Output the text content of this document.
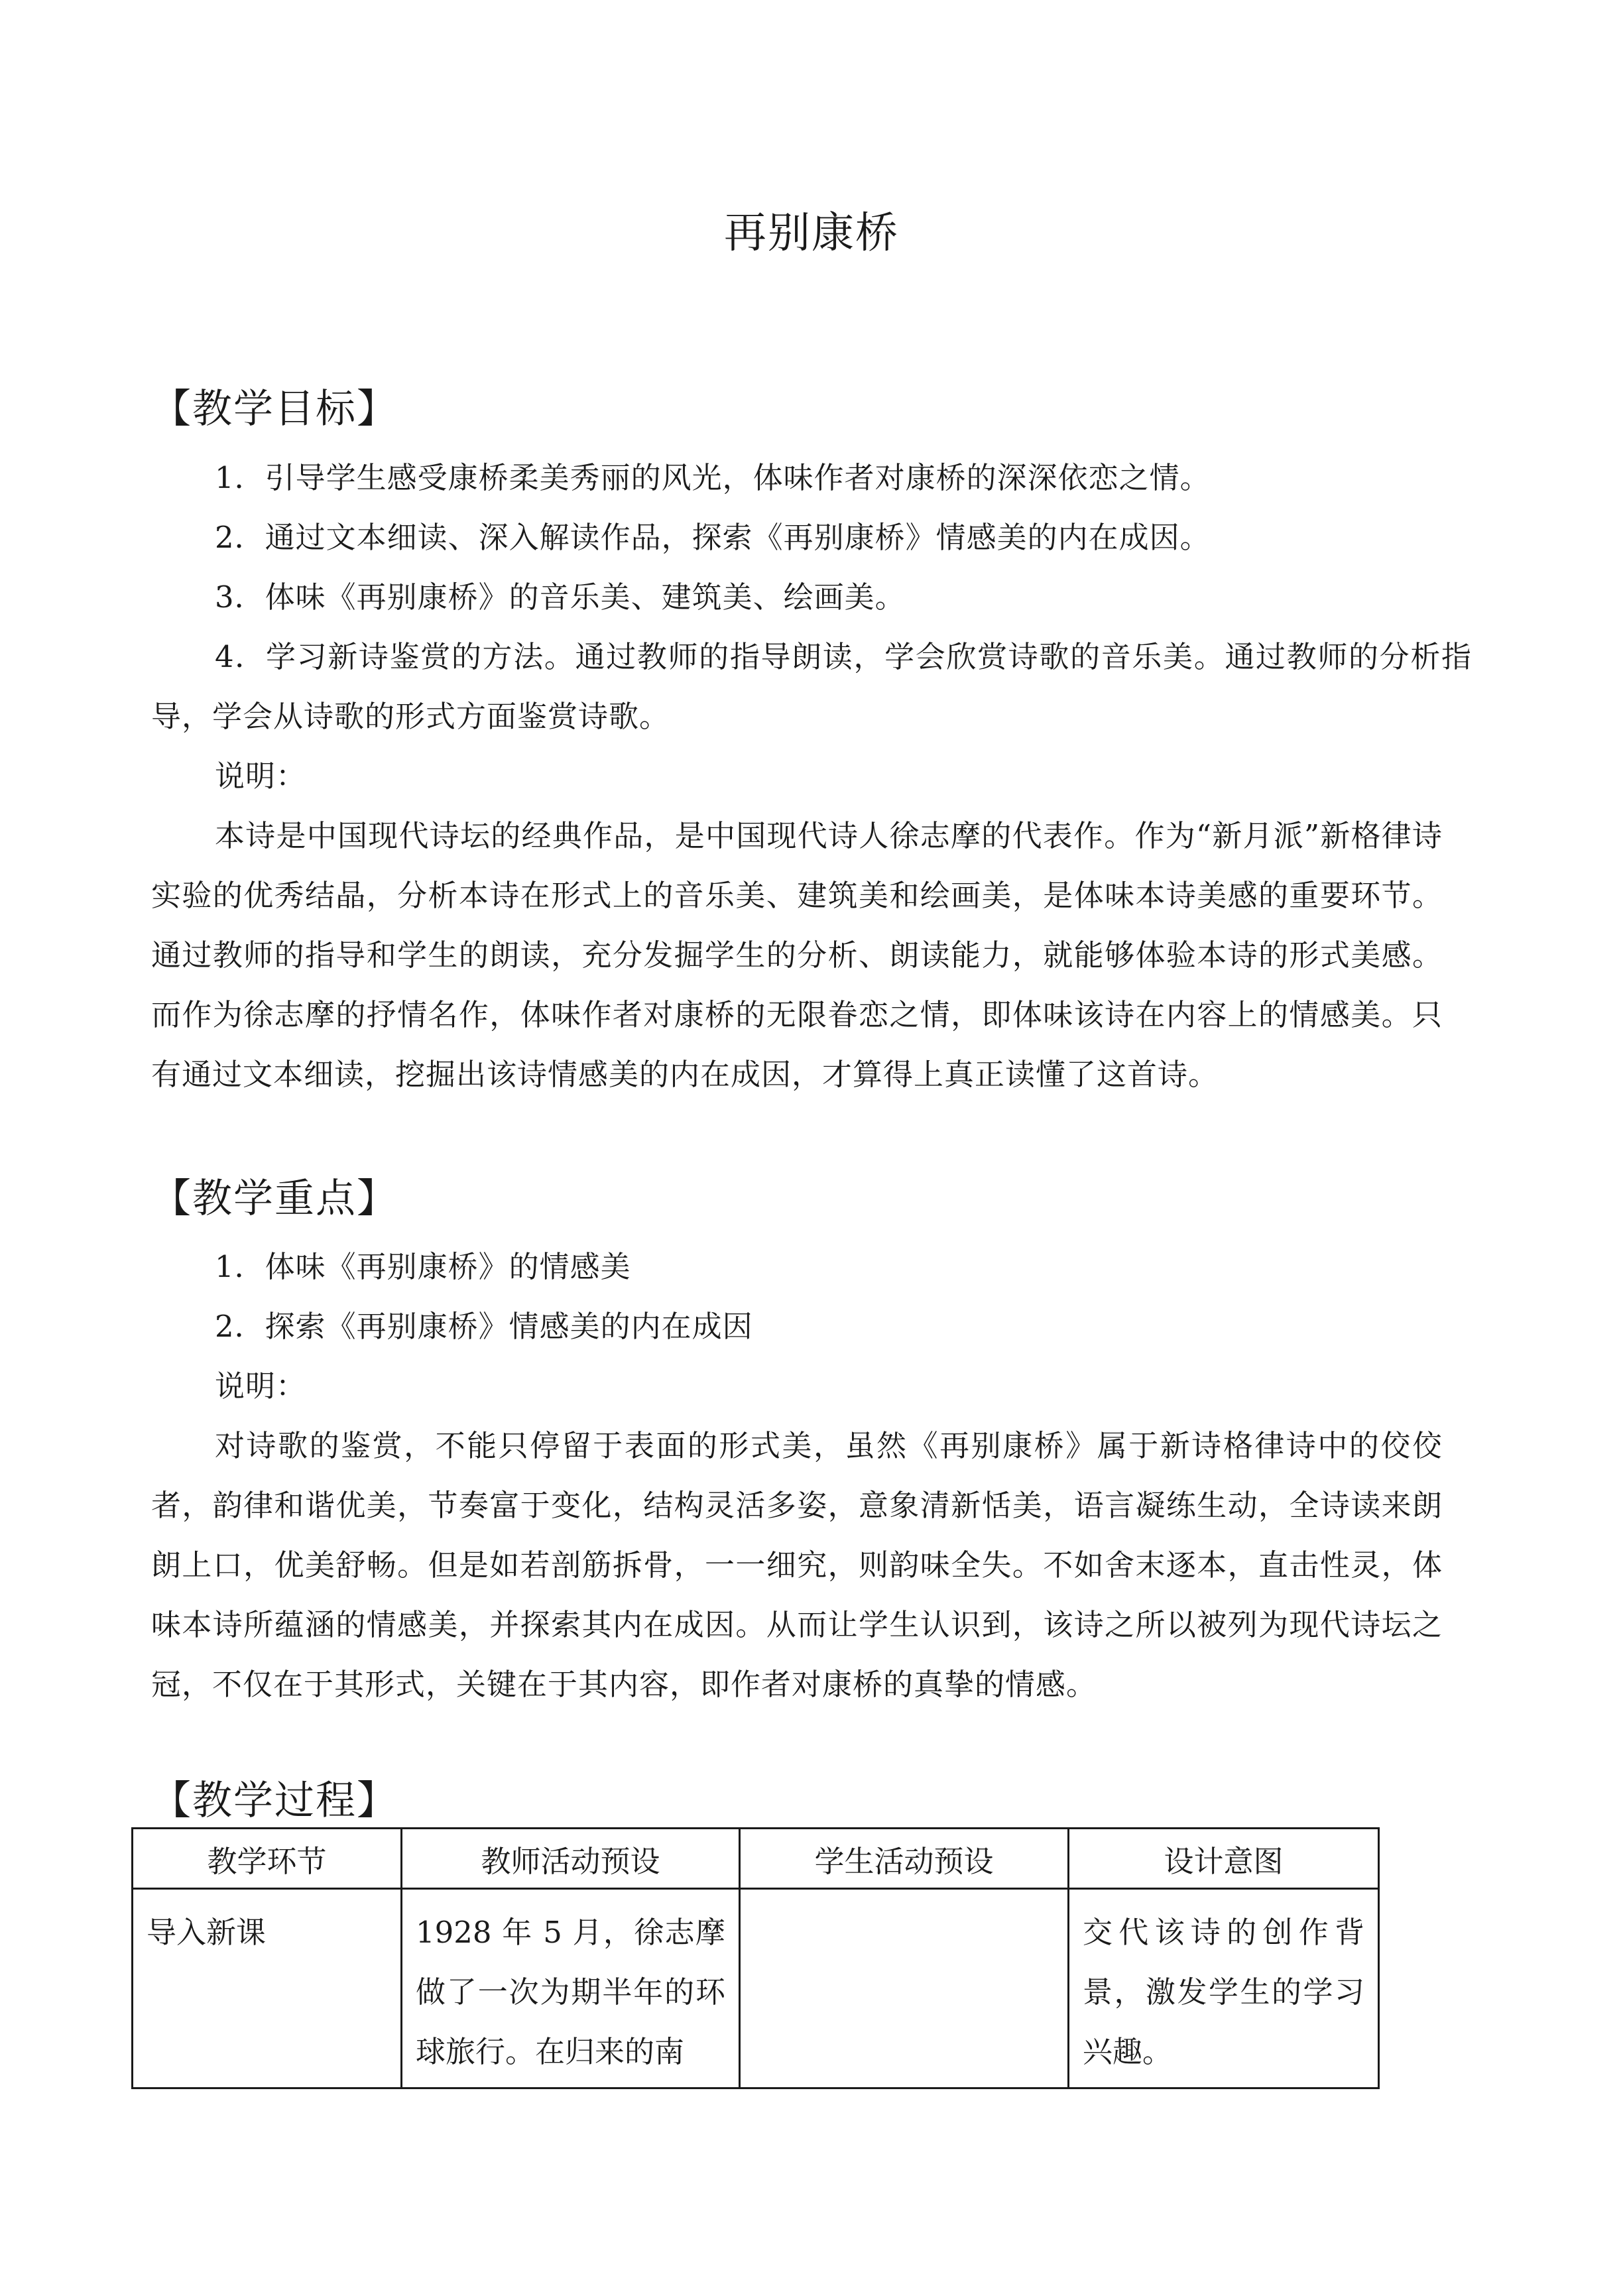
再别康桥
【教学目标】

1．引导学生感受康桥柔美秀丽的风光，体味作者对康桥的深深依恋之情。

2．通过文本细读、深入解读作品，探索《再别康桥》情感美的内在成因。

3．体味《再别康桥》的音乐美、建筑美、绘画美。

4．学习新诗鉴赏的方法。通过教师的指导朗读，学会欣赏诗歌的音乐美。通过教师的分析指导，学会从诗歌的形式方面鉴赏诗歌。

说明：

本诗是中国现代诗坛的经典作品，是中国现代诗人徐志摩的代表作。作为“新月派”新格律诗实验的优秀结晶，分析本诗在形式上的音乐美、建筑美和绘画美，是体味本诗美感的重要环节。通过教师的指导和学生的朗读，充分发掘学生的分析、朗读能力，就能够体验本诗的形式美感。而作为徐志摩的抒情名作，体味作者对康桥的无限眷恋之情，即体味该诗在内容上的情感美。只有通过文本细读，挖掘出该诗情感美的内在成因，才算得上真正读懂了这首诗。

【教学重点】

1．体味《再别康桥》的情感美

2．探索《再别康桥》情感美的内在成因

说明：

对诗歌的鉴赏，不能只停留于表面的形式美，虽然《再别康桥》属于新诗格律诗中的佼佼者，韵律和谐优美，节奏富于变化，结构灵活多姿，意象清新恬美，语言凝练生动，全诗读来朗朗上口，优美舒畅。但是如若剖筋拆骨，一一细究，则韵味全失。不如舍末逐本，直击性灵，体味本诗所蕴涵的情感美，并探索其内在成因。从而让学生认识到，该诗之所以被列为现代诗坛之冠，不仅在于其形式，关键在于其内容，即作者对康桥的真挚的情感。

【教学过程】
教学环节	教师活动预设	学生活动预设	设计意图
导入新课	1928 年 5 月，徐志摩做了一次为期半年的环球旅行。在归来的南		交代该诗的创作背景，激发学生的学习兴趣。
